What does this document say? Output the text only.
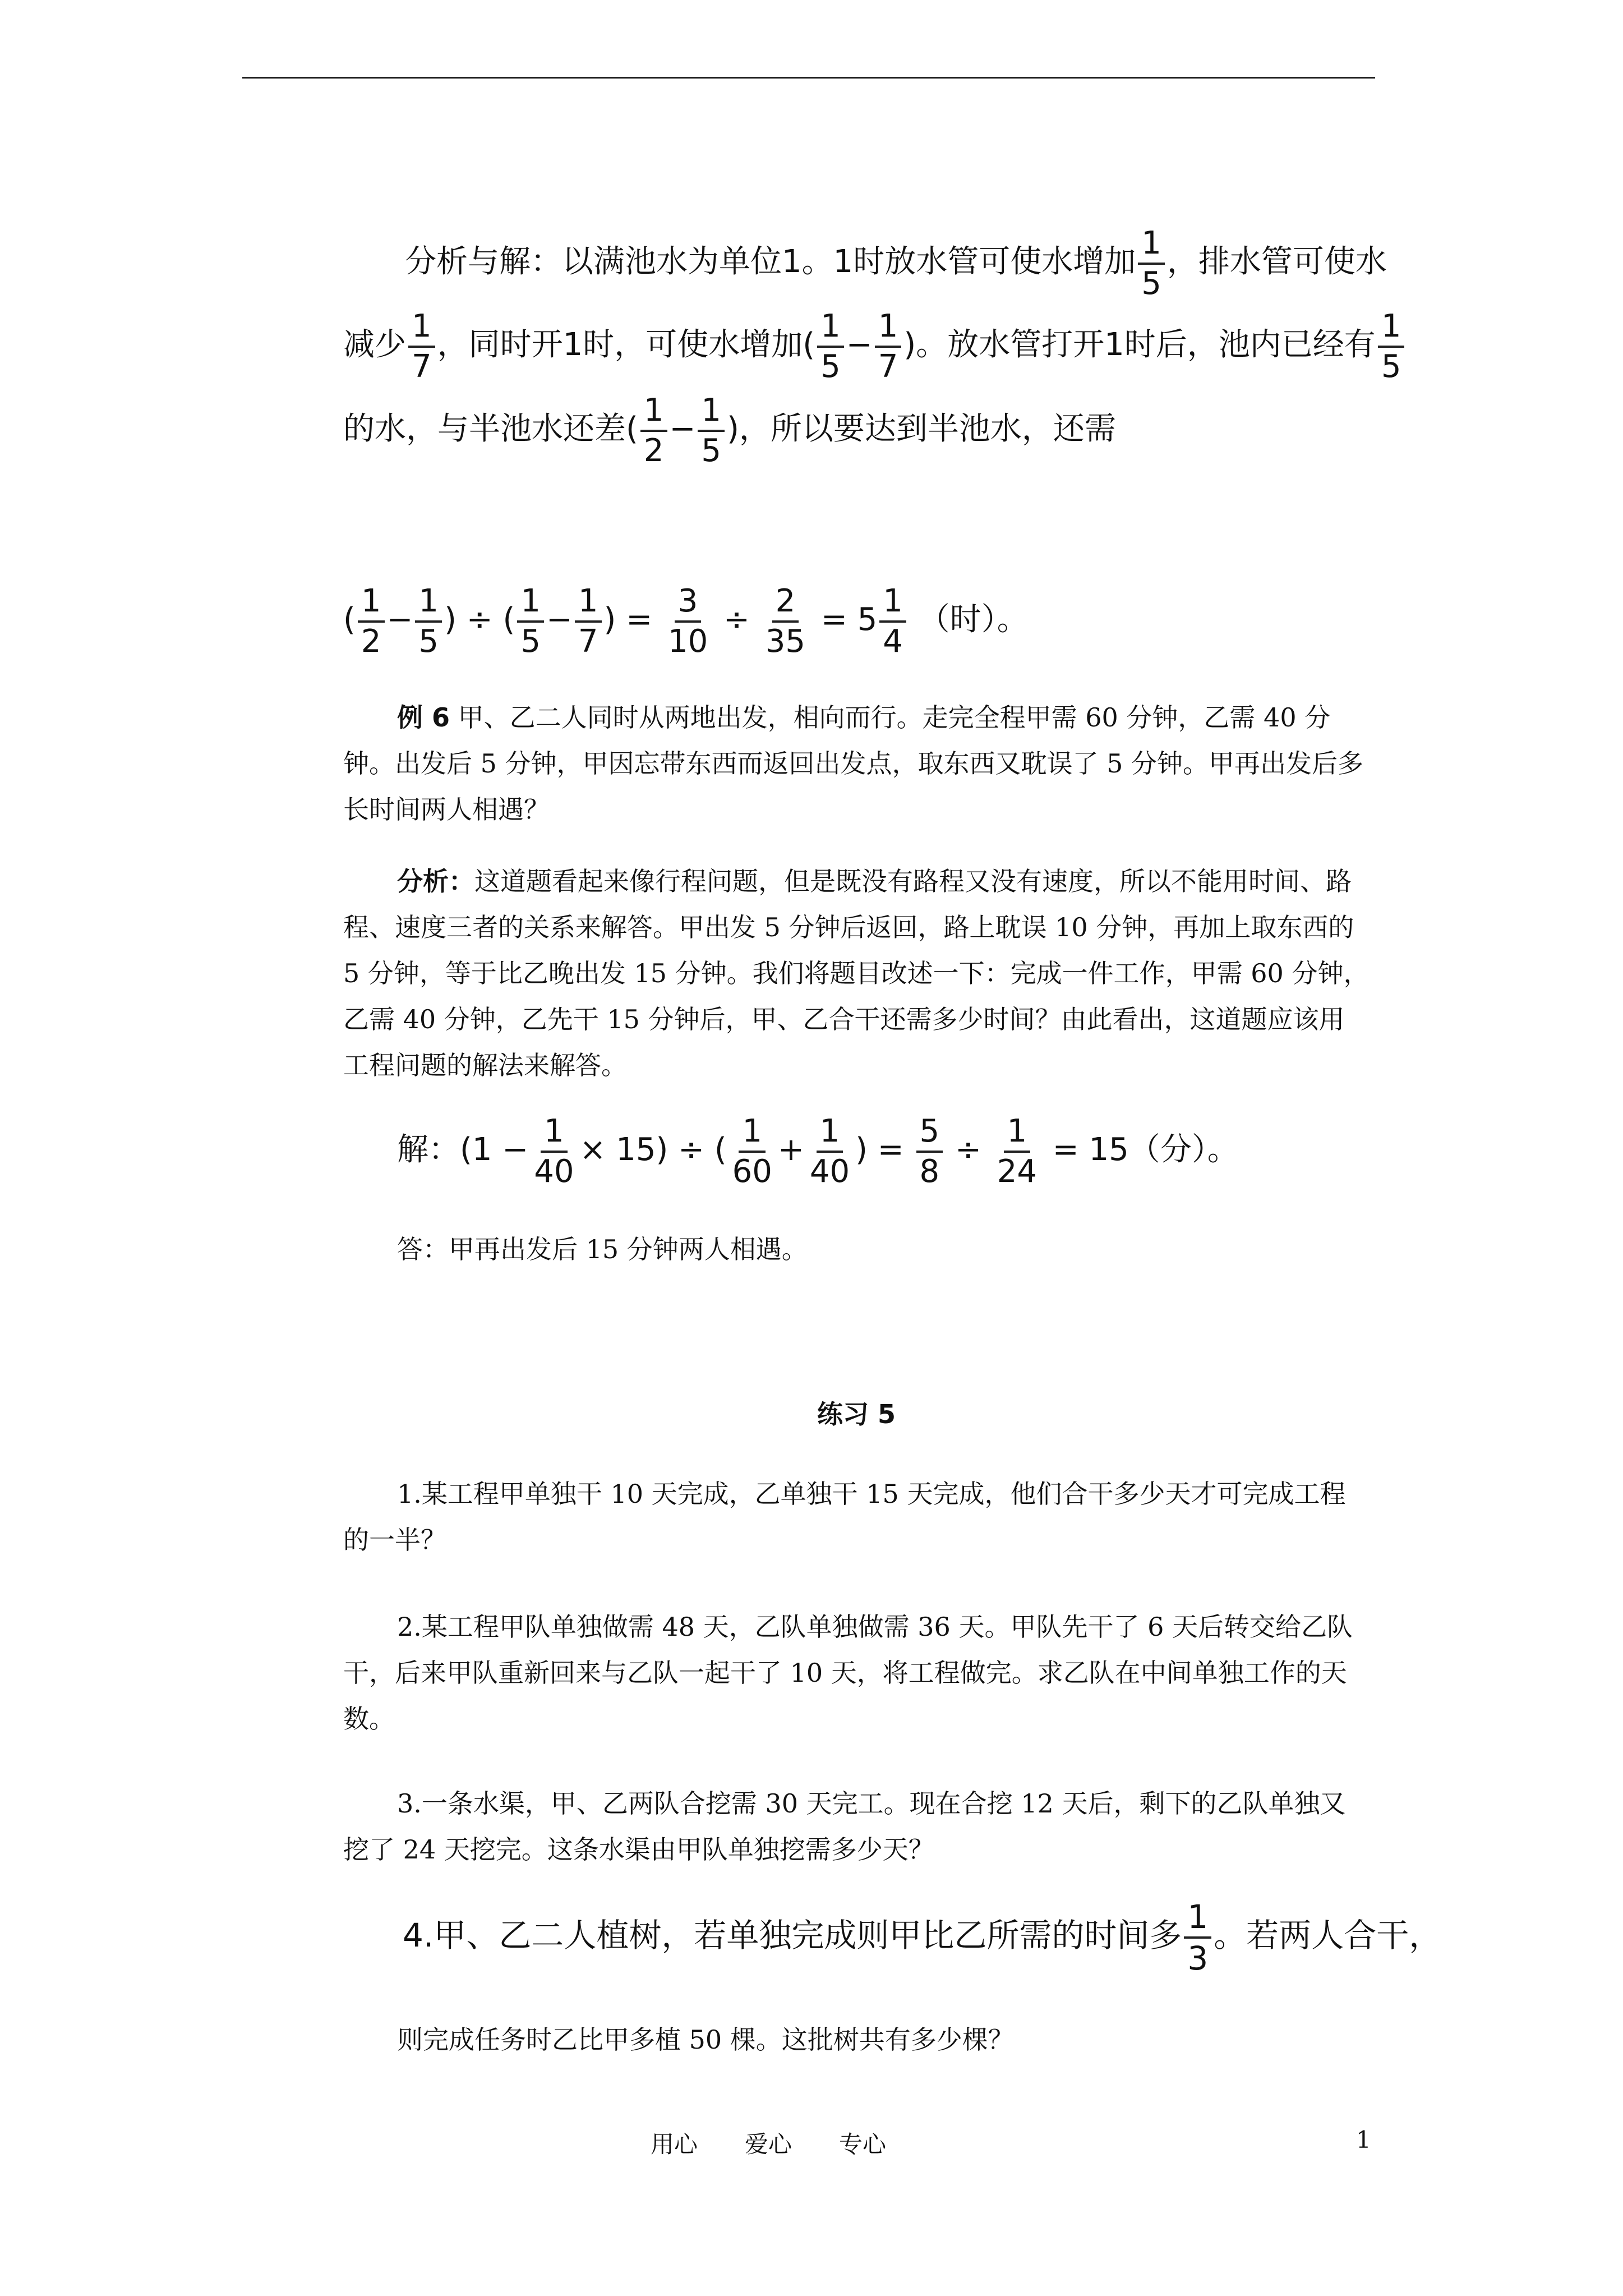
分析与解：以满池水为单位1。1时放水管可使水增加 $\frac{1}{5}$ ，排水管可使水
减少 $\frac{1}{7}$ ，同时开1时，可使水增加( $\frac{1}{5} - \frac{1}{7}$ )。放水管打开1时后，池内已经有 $\frac{1}{5}$
的水，与半池水还差( $\frac{1}{2} - \frac{1}{5}$ )，所以要达到半池水，还需
( $\frac{1}{2} - \frac{1}{5}$ ) ÷ ( $\frac{1}{5} - \frac{1}{7}$ ) = $\frac{3}{10} \div \frac{2}{35} = 5 \frac{1}{4}$ （时）。

例 6 甲、乙二人同时从两地出发，相向而行。走完全程甲需 60 分钟，乙需 40 分钟。出发后 5 分钟，甲因忘带东西而返回出发点，取东西又耽误了 5 分钟。甲再出发后多长时间两人相遇？

分析：这道题看起来像行程问题，但是既没有路程又没有速度，所以不能用时间、路程、速度三者的关系来解答。甲出发 5 分钟后返回，路上耽误 10 分钟，再加上取东西的 5 分钟，等于比乙晚出发 15 分钟。我们将题目改述一下：完成一件工作，甲需 60 分钟，乙需 40 分钟，乙先干 15 分钟后，甲、乙合干还需多少时间？由此看出，这道题应该用工程问题的解法来解答。

解：$(1 - \frac{1}{40} \times 15)$ ÷ ( $\frac{1}{60} + \frac{1}{40}$ ) = $\frac{5}{8} \div \frac{1}{24} = 15$（分）。

答：甲再出发后 15 分钟两人相遇。

练习 5

1.某工程甲单独干 10 天完成，乙单独干 15 天完成，他们合干多少天才可完成工程的一半？

2.某工程甲队单独做需 48 天，乙队单独做需 36 天。甲队先干了 6 天后转交给乙队干，后来甲队重新回来与乙队一起干了 10 天，将工程做完。求乙队在中间单独工作的天数。

3.一条水渠，甲、乙两队合挖需 30 天完工。现在合挖 12 天后，剩下的乙队单独又挖了 24 天挖完。这条水渠由甲队单独挖需多少天？

4.甲、乙二人植树，若单独完成则甲比乙所需的时间多 $\frac{1}{3}$ 。若两人合干，

则完成任务时乙比甲多植 50 棵。这批树共有多少棵？

用心　　爱心　　专心	1
